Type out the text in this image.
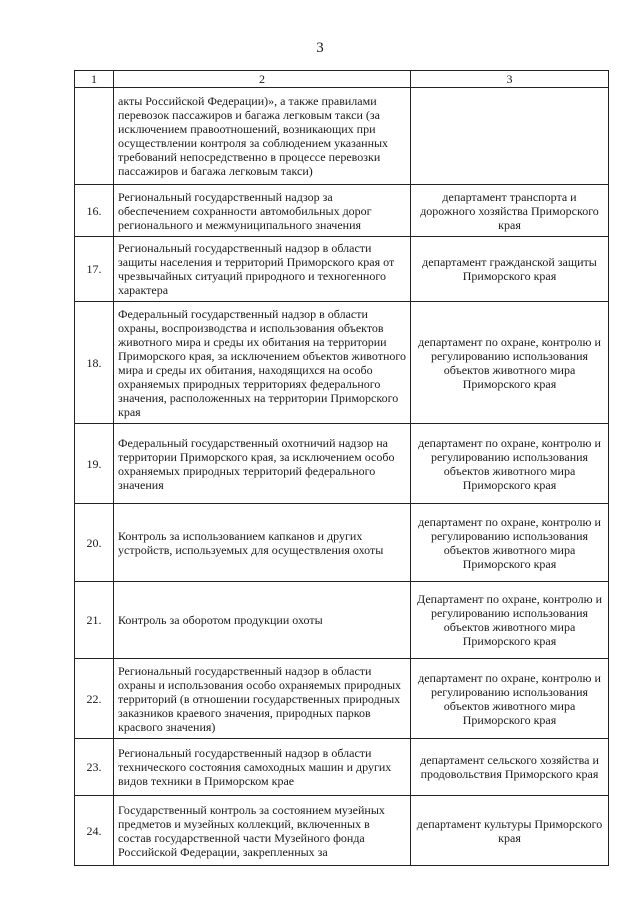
3
1	2	3
	акты Российской Федерации)», а также правилами перевозок пассажиров и багажа легковым такси (за исключением правоотношений, возникающих при осуществлении контроля за соблюдением указанных требований непосредственно в процессе перевозки пассажиров и багажа легковым такси)	
16.	Региональный государственный надзор за обеспечением сохранности автомобильных дорог регионального и межмуниципального значения	департамент транспорта и дорожного хозяйства Приморского края
17.	Региональный государственный надзор в области защиты населения и территорий Приморского края от чрезвычайных ситуаций природного и техногенного характера	департамент гражданской защиты Приморского края
18.	Федеральный государственный надзор в области охраны, воспроизводства и использования объектов животного мира и среды их обитания на территории Приморского края, за исключением объектов животного мира и среды их обитания, находящихся на особо охраняемых природных территориях федерального значения, расположенных на территории Приморского края	департамент по охране, контролю и регулированию использования объектов животного мира Приморского края
19.	Федеральный государственный охотничий надзор на территории Приморского края, за исключением особо охраняемых природных территорий федерального значения	департамент по охране, контролю и регулированию использования объектов животного мира Приморского края
20.	Контроль за использованием капканов и других устройств, используемых для осуществления охоты	департамент по охране, контролю и регулированию использования объектов животного мира Приморского края
21.	Контроль за оборотом продукции охоты	Департамент по охране, контролю и регулированию использования объектов животного мира Приморского края
22.	Региональный государственный надзор в области охраны и использования особо охраняемых природных территорий (в отношении государственных природных заказников краевого значения, природных парков красвого значения)	департамент по охране, контролю и регулированию использования объектов животного мира Приморского края
23.	Региональный государственный надзор в области технического состояния самоходных машин и других видов техники в Приморском крае	департамент сельского хозяйства и продовольствия Приморского края
24.	Государственный контроль за состоянием музейных предметов и музейных коллекций, включенных в состав государственной части Музейного фонда Российской Федерации, закрепленных за	департамент культуры Приморского края
